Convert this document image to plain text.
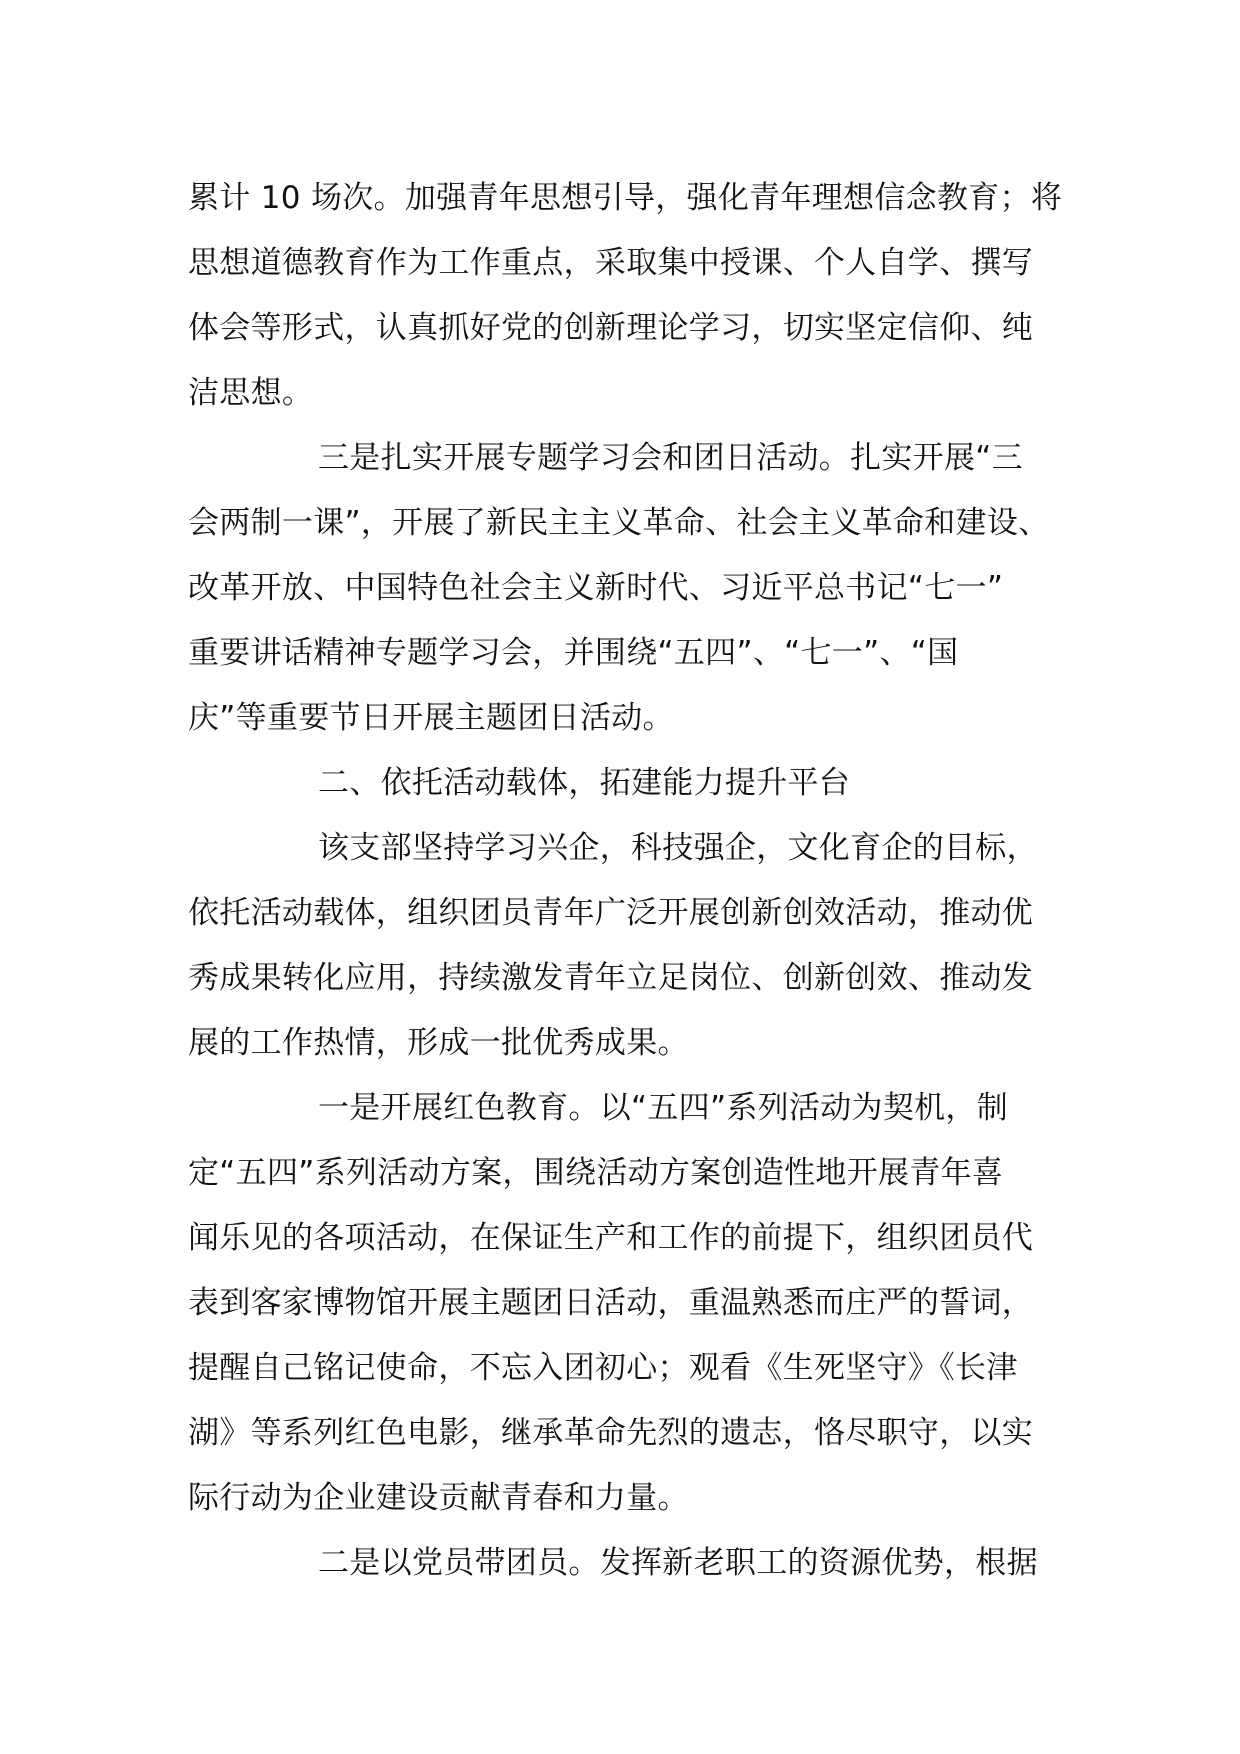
累计 10 场次。加强青年思想引导，强化青年理想信念教育；将
思想道德教育作为工作重点，采取集中授课、个人自学、撰写
体会等形式，认真抓好党的创新理论学习，切实坚定信仰、纯
洁思想。
三是扎实开展专题学习会和团日活动。扎实开展“三
会两制一课”，开展了新民主主义革命、社会主义革命和建设、
改革开放、中国特色社会主义新时代、习近平总书记“七一”
重要讲话精神专题学习会，并围绕“五四”、“七一”、“国
庆”等重要节日开展主题团日活动。
二、依托活动载体，拓建能力提升平台
该支部坚持学习兴企，科技强企，文化育企的目标，
依托活动载体，组织团员青年广泛开展创新创效活动，推动优
秀成果转化应用，持续激发青年立足岗位、创新创效、推动发
展的工作热情，形成一批优秀成果。
一是开展红色教育。以“五四”系列活动为契机，制
定“五四”系列活动方案，围绕活动方案创造性地开展青年喜
闻乐见的各项活动，在保证生产和工作的前提下，组织团员代
表到客家博物馆开展主题团日活动，重温熟悉而庄严的誓词，
提醒自己铭记使命，不忘入团初心；观看《生死坚守》《长津
湖》等系列红色电影，继承革命先烈的遗志，恪尽职守，以实
际行动为企业建设贡献青春和力量。
二是以党员带团员。发挥新老职工的资源优势，根据
